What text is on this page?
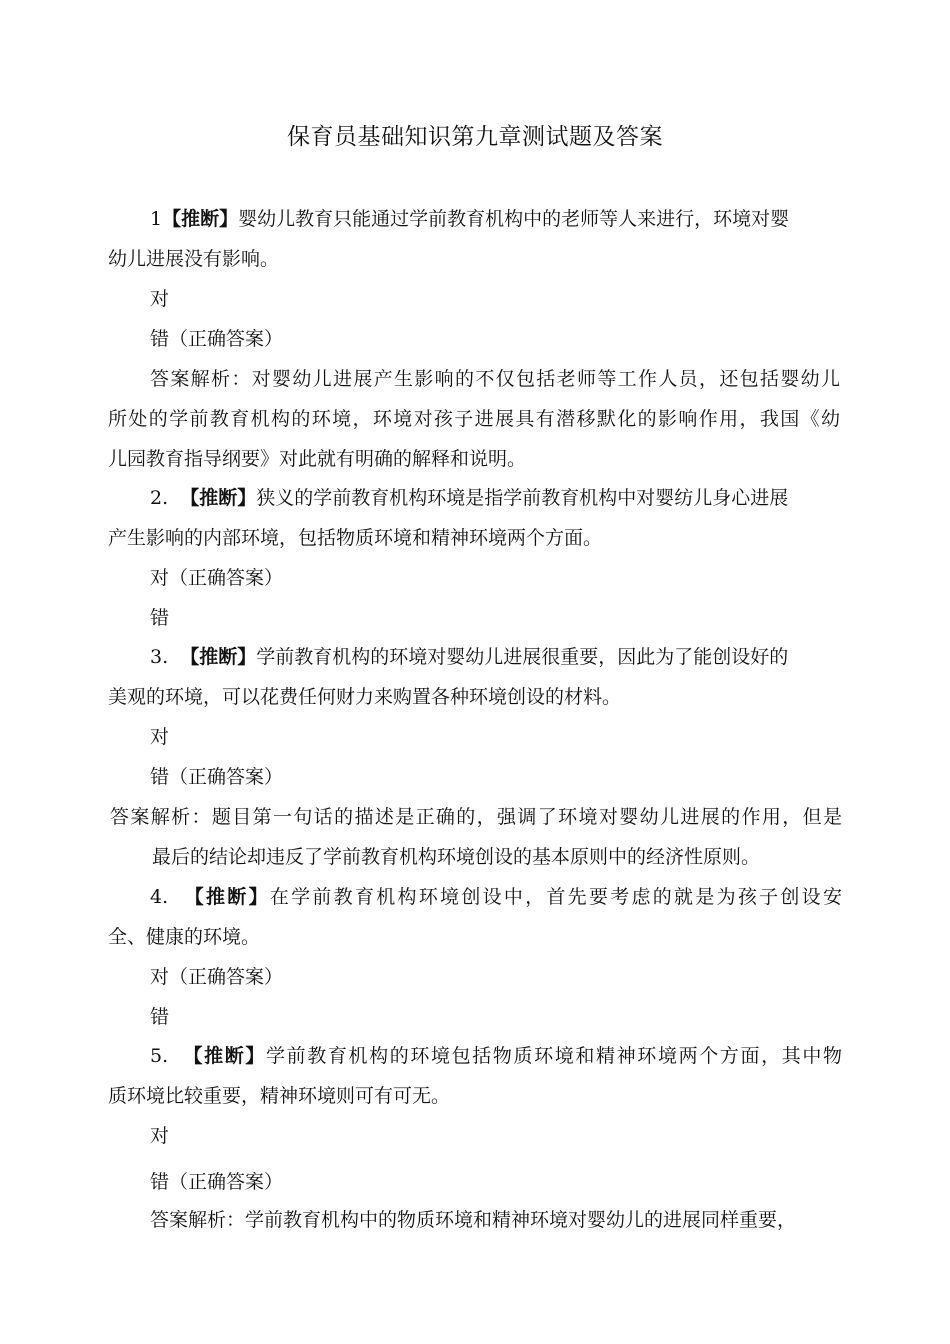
保育员基础知识第九章测试题及答案
1【推断】婴幼儿教育只能通过学前教育机构中的老师等人来进行，环境对婴
幼儿进展没有影响。
对
错（正确答案）
答案解析：对婴幼儿进展产生影响的不仅包括老师等工作人员，还包括婴幼儿
所处的学前教育机构的环境，环境对孩子进展具有潜移默化的影响作用，我国《幼
儿园教育指导纲要》对此就有明确的解释和说明。
2. 【推断】狭义的学前教育机构环境是指学前教育机构中对婴纺儿身心进展
产生影响的内部环境，包括物质环境和精神环境两个方面。
对（正确答案）
错
3. 【推断】学前教育机构的环境对婴幼儿进展很重要，因此为了能创设好的
美观的环境，可以花费任何财力来购置各种环境创设的材料。
对
错（正确答案）
答案解析：题目第一句话的描述是正确的，强调了环境对婴幼儿进展的作用，但是
最后的结论却违反了学前教育机构环境创设的基本原则中的经济性原则。
4. 【推断】在学前教育机构环境创设中，首先要考虑的就是为孩子创设安
全、健康的环境。
对（正确答案）
错
5. 【推断】学前教育机构的环境包括物质环境和精神环境两个方面，其中物
质环境比较重要，精神环境则可有可无。
对
错（正确答案）
答案解析：学前教育机构中的物质环境和精神环境对婴幼儿的进展同样重要，
